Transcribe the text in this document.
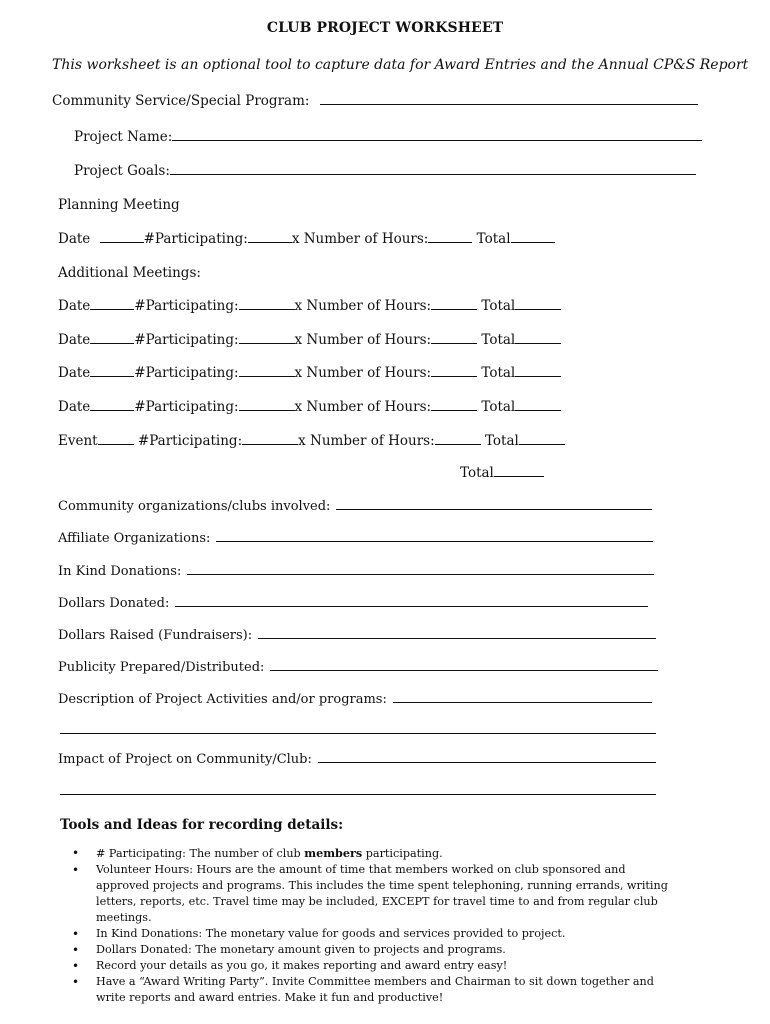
CLUB PROJECT WORKSHEET
This worksheet is an optional tool to capture data for Award Entries and the Annual CP&S Report
Community Service/Special Program:
Project Name:
Project Goals:
Planning Meeting
Date	#Participating:	x Number of Hours:	Total
Additional Meetings:
Date	#Participating:	x Number of Hours:	Total
Date	#Participating:	x Number of Hours:	Total
Date	#Participating:	x Number of Hours:	Total
Date	#Participating:	x Number of Hours:	Total
Event	#Participating:	x Number of Hours:	Total
Total
Community organizations/clubs involved:
Affiliate Organizations:
In Kind Donations:
Dollars Donated:
Dollars Raised (Fundraisers):
Publicity Prepared/Distributed:
Description of Project Activities and/or programs:
Impact of Project on Community/Club:
Tools and Ideas for recording details:
• # Participating: The number of club members participating.
• Volunteer Hours: Hours are the amount of time that members worked on club sponsored and approved projects and programs. This includes the time spent telephoning, running errands, writing letters, reports, etc. Travel time may be included, EXCEPT for travel time to and from regular club meetings.
• In Kind Donations: The monetary value for goods and services provided to project.
• Dollars Donated: The monetary amount given to projects and programs.
• Record your details as you go, it makes reporting and award entry easy!
• Have a “Award Writing Party”. Invite Committee members and Chairman to sit down together and write reports and award entries. Make it fun and productive!
